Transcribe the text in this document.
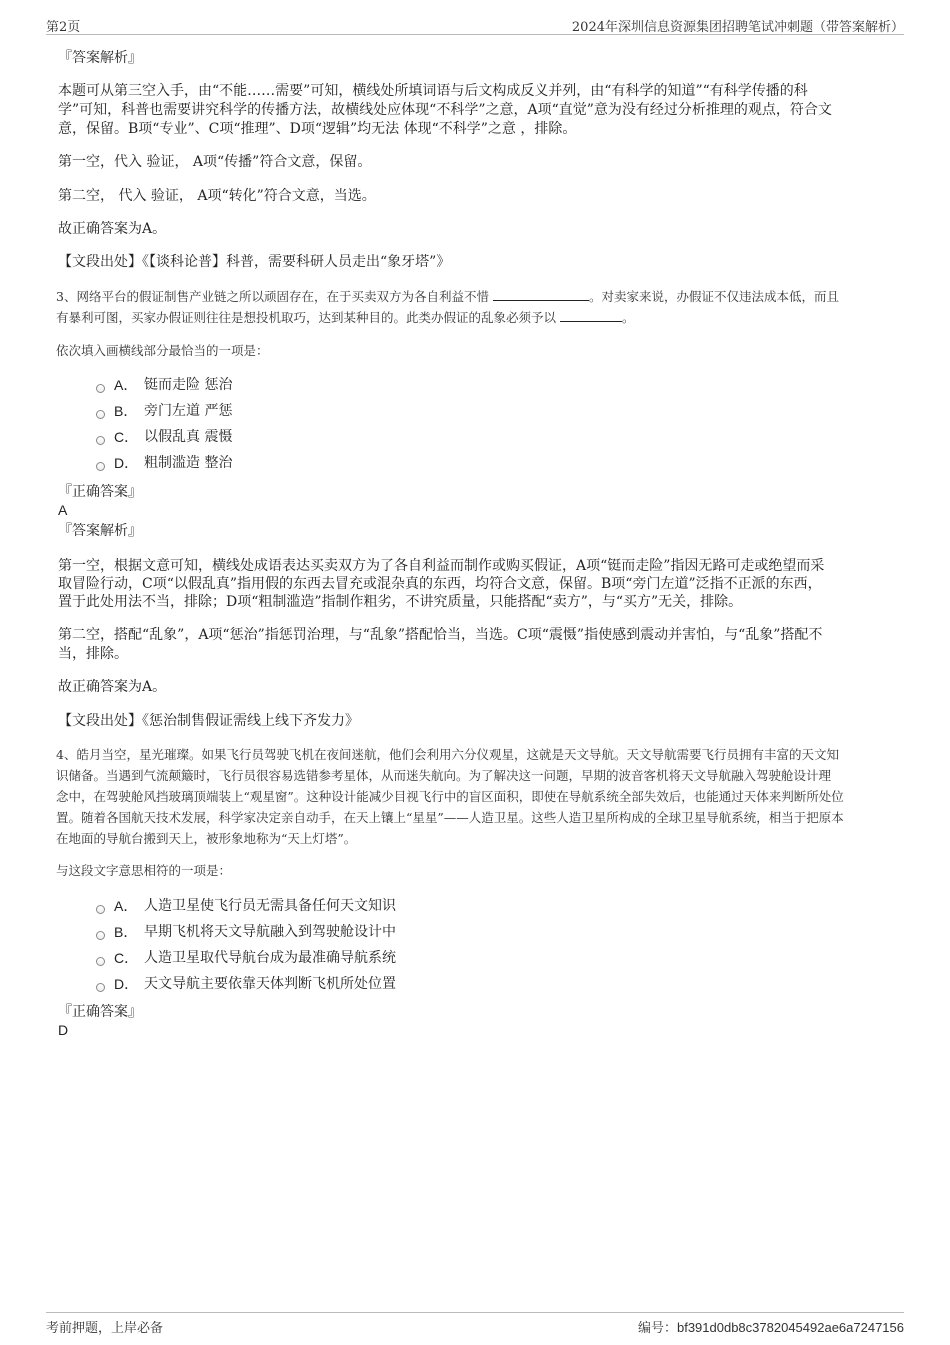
第2页	2024年深圳信息资源集团招聘笔试冲刺题（带答案解析）
『答案解析』
本题可从第三空入手，由“不能……需要”可知，横线处所填词语与后文构成反义并列，由“有科学的知道”“有科学传播的科
学”可知，科普也需要讲究科学的传播方法，故横线处应体现“不科学”之意，A项“直觉”意为没有经过分析推理的观点，符合文
意，保留。B项“专业”、C项“推理”、D项“逻辑”均无法 体现“不科学”之意 ，排除。
第一空，代入 验证， A项“传播”符合文意，保留。
第二空， 代入 验证， A项“转化”符合文意，当选。
故正确答案为A。
【文段出处】《【谈科论普】科普，需要科研人员走出“象牙塔”》
3、网络平台的假证制售产业链之所以顽固存在，在于买卖双方为各自利益不惜	。对卖家来说，办假证不仅违法成本低，而且
有暴利可图，买家办假证则往往是想投机取巧，达到某种目的。此类办假证的乱象必须予以	。
依次填入画横线部分最恰当的一项是：
A． 铤而走险 惩治
B． 旁门左道 严惩
C． 以假乱真 震慑
D． 粗制滥造 整治
『正确答案』
A
『答案解析』
第一空，根据文意可知，横线处成语表达买卖双方为了各自利益而制作或购买假证，A项“铤而走险”指因无路可走或绝望而采
取冒险行动，C项“以假乱真”指用假的东西去冒充或混杂真的东西，均符合文意，保留。B项“旁门左道”泛指不正派的东西，
置于此处用法不当，排除；D项“粗制滥造”指制作粗劣，不讲究质量，只能搭配“卖方”，与“买方”无关，排除。
第二空，搭配“乱象”，A项“惩治”指惩罚治理，与“乱象”搭配恰当，当选。C项“震慑”指使感到震动并害怕，与“乱象”搭配不
当，排除。
故正确答案为A。
【文段出处】《惩治制售假证需线上线下齐发力》
4、皓月当空，星光璀璨。如果飞行员驾驶飞机在夜间迷航，他们会利用六分仪观星，这就是天文导航。天文导航需要飞行员拥有丰富的天文知
识储备。当遇到气流颠簸时，飞行员很容易选错参考星体，从而迷失航向。为了解决这一问题，早期的波音客机将天文导航融入驾驶舱设计理
念中，在驾驶舱风挡玻璃顶端装上“观星窗”。这种设计能减少目视飞行中的盲区面积，即使在导航系统全部失效后，也能通过天体来判断所处位
置。随着各国航天技术发展，科学家决定亲自动手，在天上镶上“星星”——人造卫星。这些人造卫星所构成的全球卫星导航系统，相当于把原本
在地面的导航台搬到天上，被形象地称为“天上灯塔”。
与这段文字意思相符的一项是：
A． 人造卫星使飞行员无需具备任何天文知识
B． 早期飞机将天文导航融入到驾驶舱设计中
C． 人造卫星取代导航台成为最准确导航系统
D． 天文导航主要依靠天体判断飞机所处位置
『正确答案』
D
考前押题，上岸必备	编号：bf391d0db8c3782045492ae6a7247156
